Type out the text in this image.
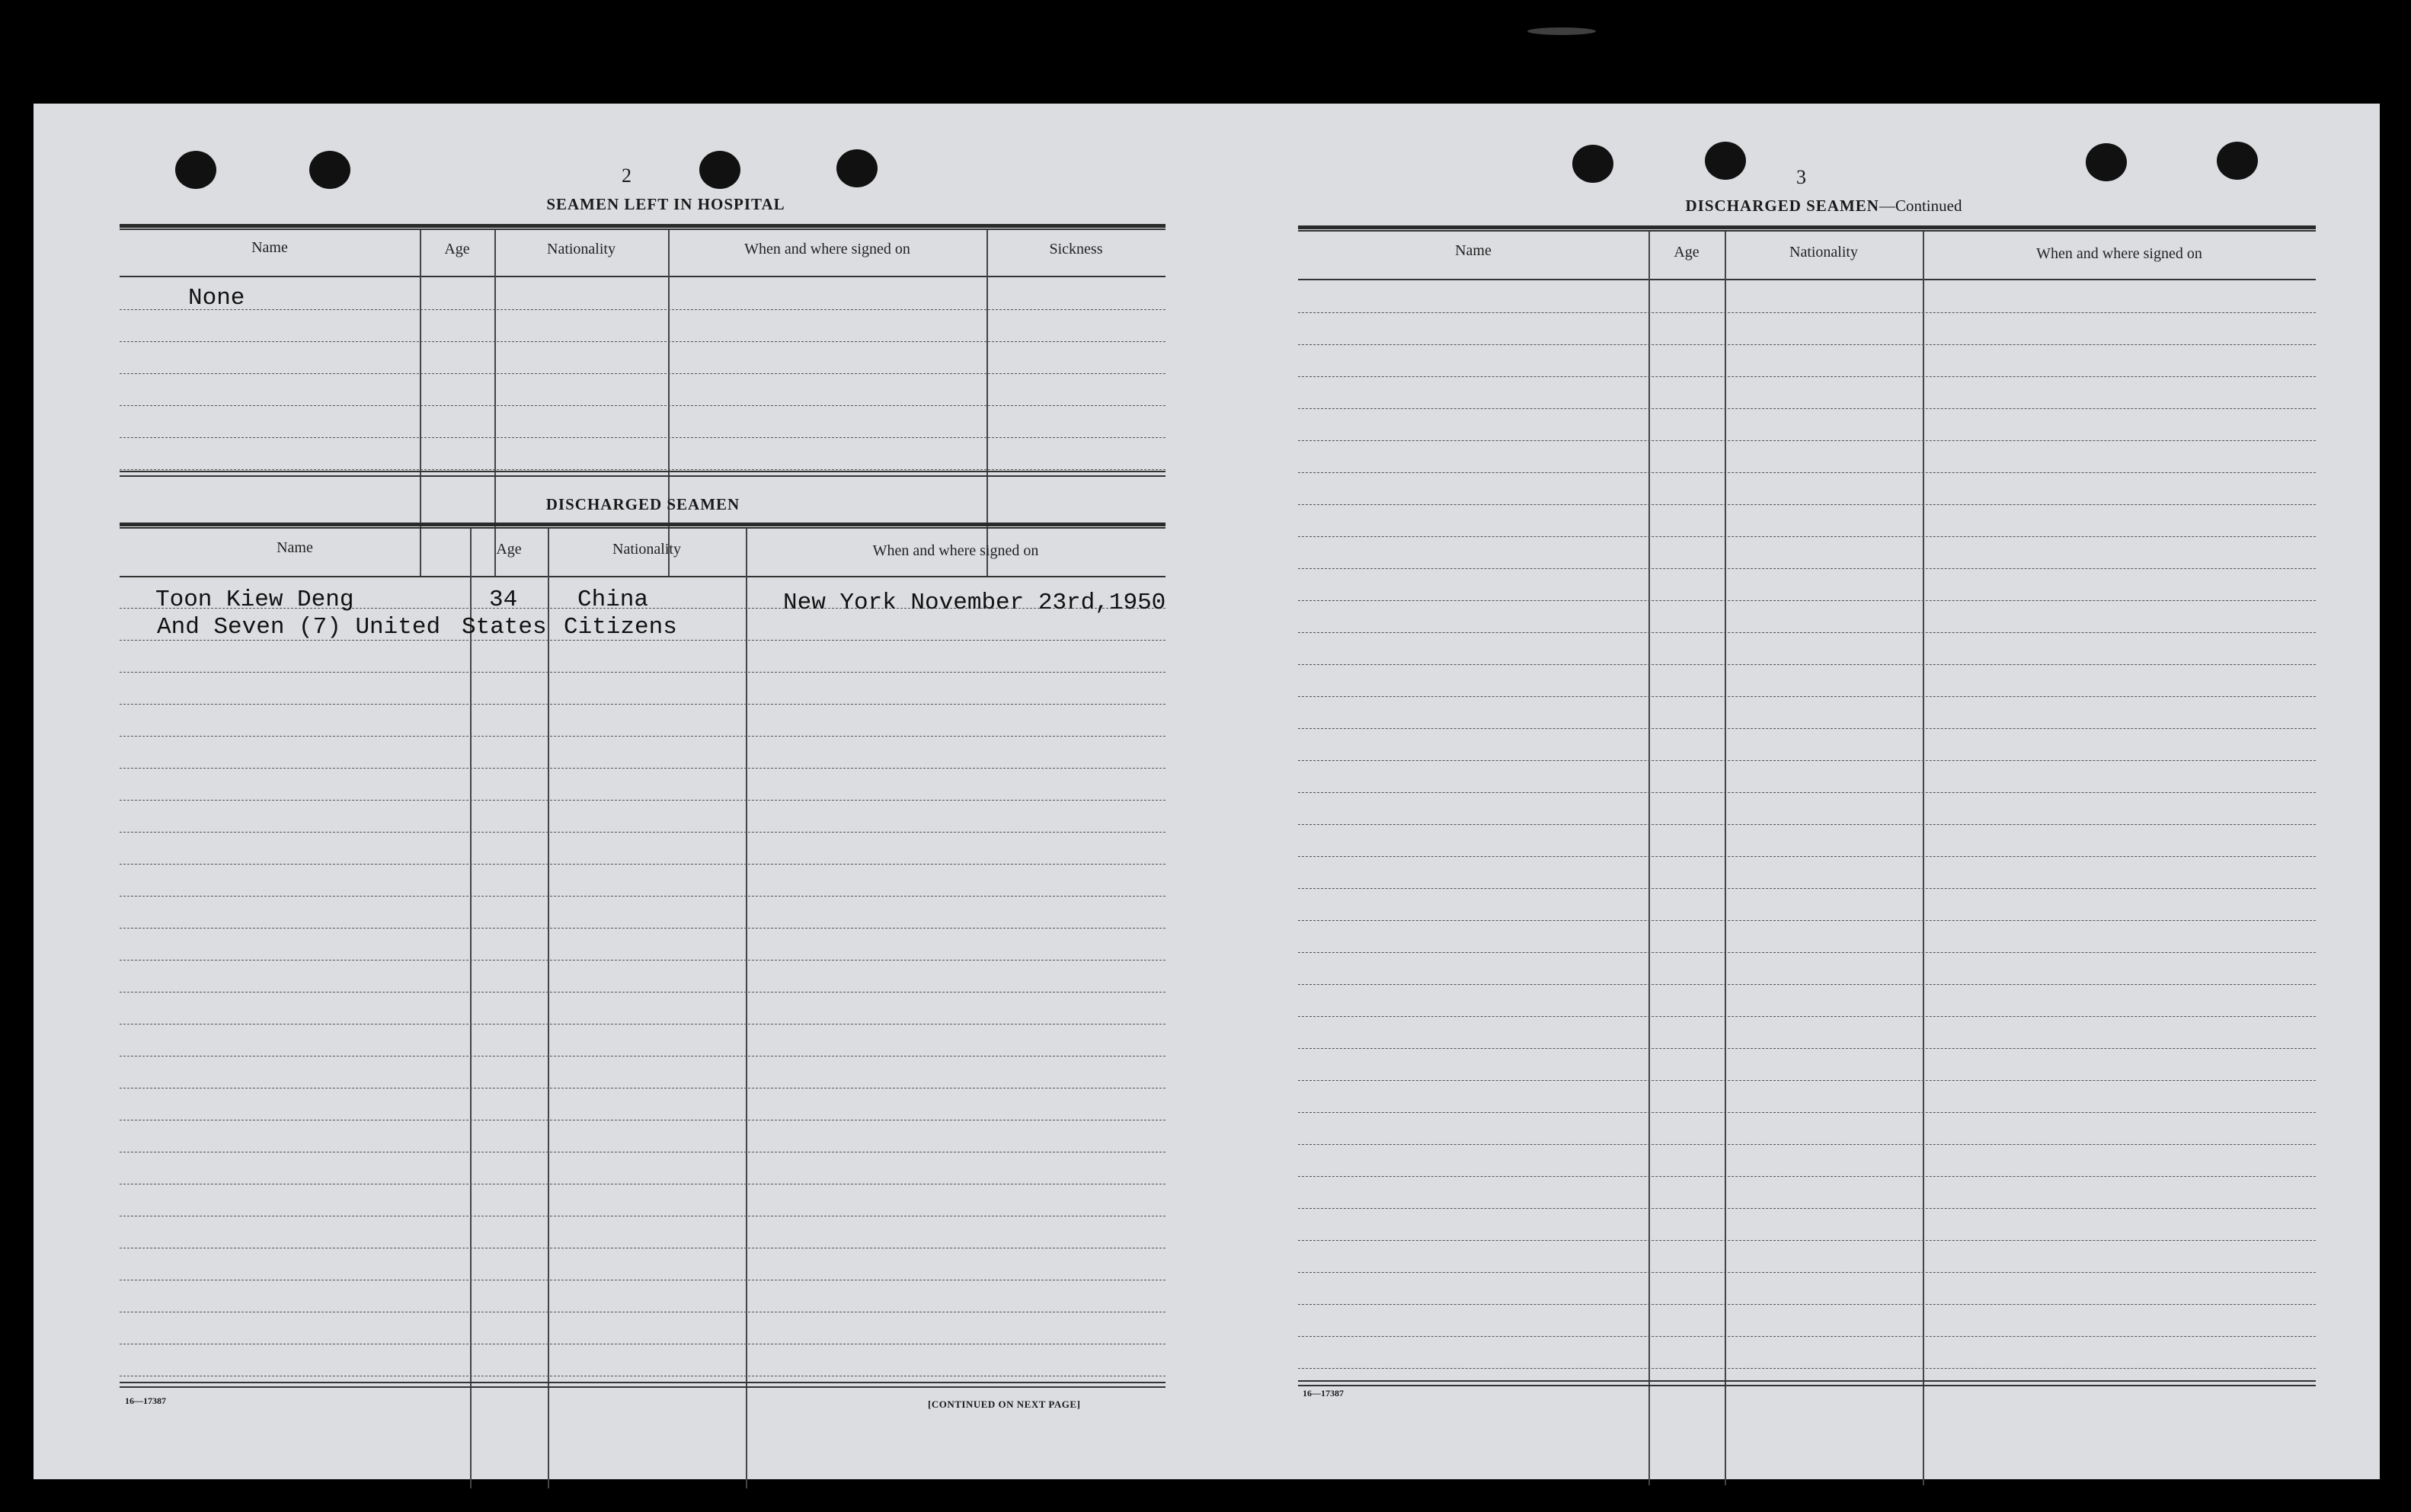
2
SEAMEN LEFT IN HOSPITAL
Name	Age	Nationality	When and where signed on	Sickness
None
DISCHARGED SEAMEN
Name	Age	Nationality	When and where signed on
Toon Kiew Deng	34	China	New York November 23rd,1950
And Seven (7) United States Citizens
16—17387	[CONTINUED ON NEXT PAGE]
3
DISCHARGED SEAMEN—Continued
Name	Age	Nationality	When and where signed on
16—17387
